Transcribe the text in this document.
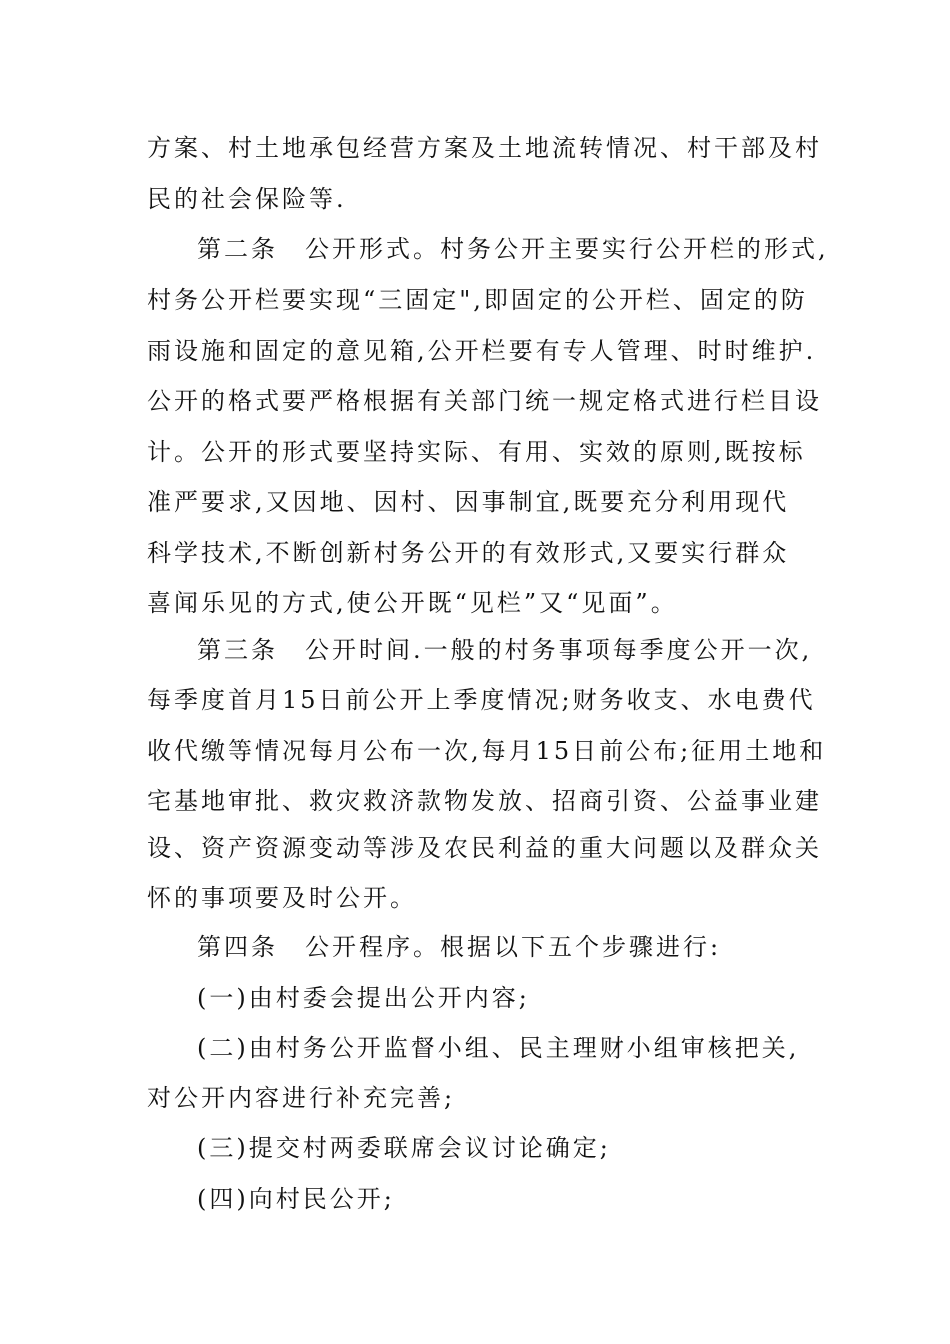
方案、村土地承包经营方案及土地流转情况、村干部及村
民的社会保险等.
第二条　公开形式。村务公开主要实行公开栏的形式,
村务公开栏要实现“三固定",即固定的公开栏、固定的防
雨设施和固定的意见箱,公开栏要有专人管理、时时维护.
公开的格式要严格根据有关部门统一规定格式进行栏目设
计。公开的形式要坚持实际、有用、实效的原则,既按标
准严要求,又因地、因村、因事制宜,既要充分利用现代
科学技术,不断创新村务公开的有效形式,又要实行群众
喜闻乐见的方式,使公开既“见栏”又“见面”。
第三条　公开时间.一般的村务事项每季度公开一次,
每季度首月15日前公开上季度情况;财务收支、水电费代
收代缴等情况每月公布一次,每月15日前公布;征用土地和
宅基地审批、救灾救济款物发放、招商引资、公益事业建
设、资产资源变动等涉及农民利益的重大问题以及群众关
怀的事项要及时公开。
第四条　公开程序。根据以下五个步骤进行:
(一)由村委会提出公开内容;
(二)由村务公开监督小组、民主理财小组审核把关,
对公开内容进行补充完善;
(三)提交村两委联席会议讨论确定;
(四)向村民公开;
